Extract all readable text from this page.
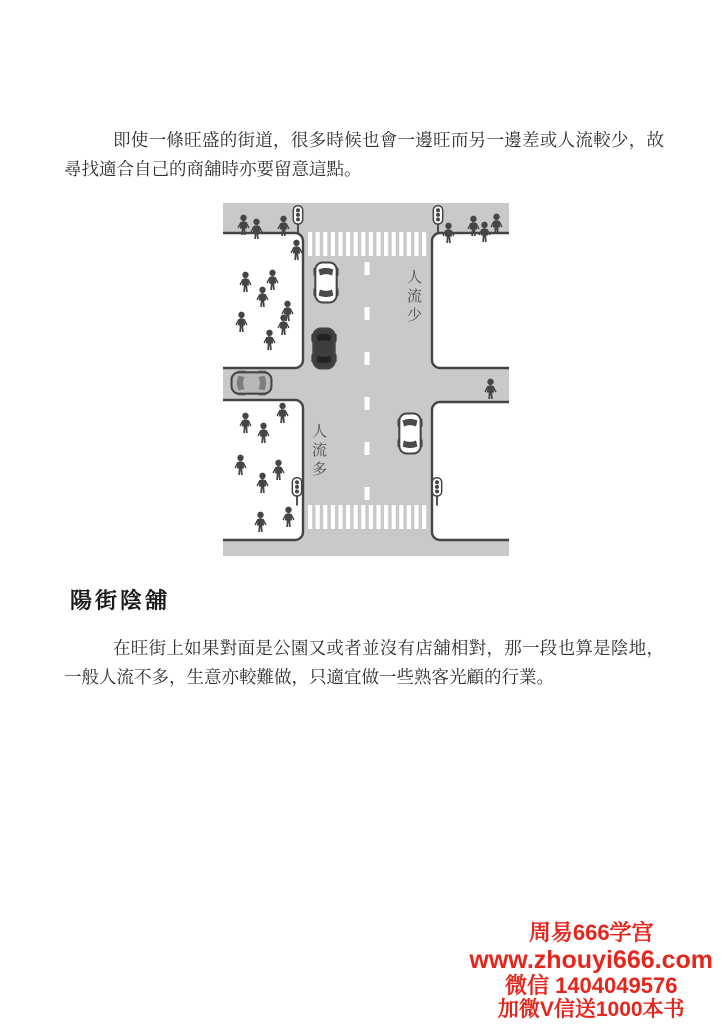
即使一條旺盛的街道，很多時候也會一邊旺而另一邊差或人流較少，故尋找適合自己的商舖時亦要留意這點。

人流少
人流多
陽街陰舖

在旺街上如果對面是公園又或者並沒有店舖相對，那一段也算是陰地，一般人流不多，生意亦較難做，只適宜做一些熟客光顧的行業。

周易666学宫

www.zhouyi666.com

微信 1404049576

加微V信送1000本书
